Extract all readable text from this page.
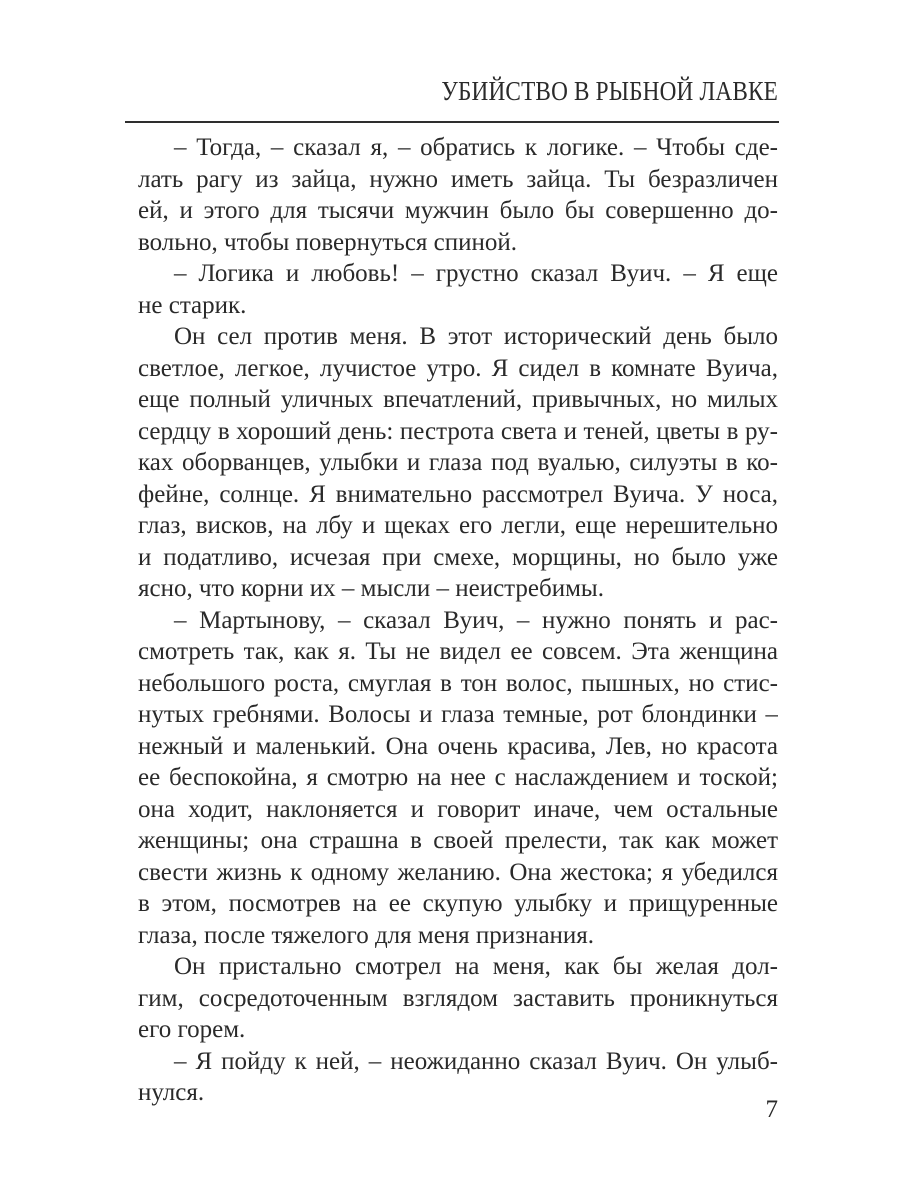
УБИЙСТВО В РЫБНОЙ ЛАВКЕ
– Тогда, – сказал я, – обратись к логике. – Чтобы сде-
лать рагу из зайца, нужно иметь зайца. Ты безразличен
ей, и этого для тысячи мужчин было бы совершенно до-
вольно, чтобы повернуться спиной.
– Логика и любовь! – грустно сказал Вуич. – Я еще
не старик.
Он сел против меня. В этот исторический день было
светлое, легкое, лучистое утро. Я сидел в комнате Вуича,
еще полный уличных впечатлений, привычных, но милых
сердцу в хороший день: пестрота света и теней, цветы в ру-
ках оборванцев, улыбки и глаза под вуалью, силуэты в ко-
фейне, солнце. Я внимательно рассмотрел Вуича. У носа,
глаз, висков, на лбу и щеках его легли, еще нерешительно
и податливо, исчезая при смехе, морщины, но было уже
ясно, что корни их – мысли – неистребимы.
– Мартынову, – сказал Вуич, – нужно понять и рас-
смотреть так, как я. Ты не видел ее совсем. Эта женщина
небольшого роста, смуглая в тон волос, пышных, но стис-
нутых гребнями. Волосы и глаза темные, рот блондинки –
нежный и маленький. Она очень красива, Лев, но красота
ее беспокойна, я смотрю на нее с наслаждением и тоской;
она ходит, наклоняется и говорит иначе, чем остальные
женщины; она страшна в своей прелести, так как может
свести жизнь к одному желанию. Она жестока; я убедился
в этом, посмотрев на ее скупую улыбку и прищуренные
глаза, после тяжелого для меня признания.
Он пристально смотрел на меня, как бы желая дол-
гим, сосредоточенным взглядом заставить проникнуться
его горем.
– Я пойду к ней, – неожиданно сказал Вуич. Он улыб-
нулся.
7
